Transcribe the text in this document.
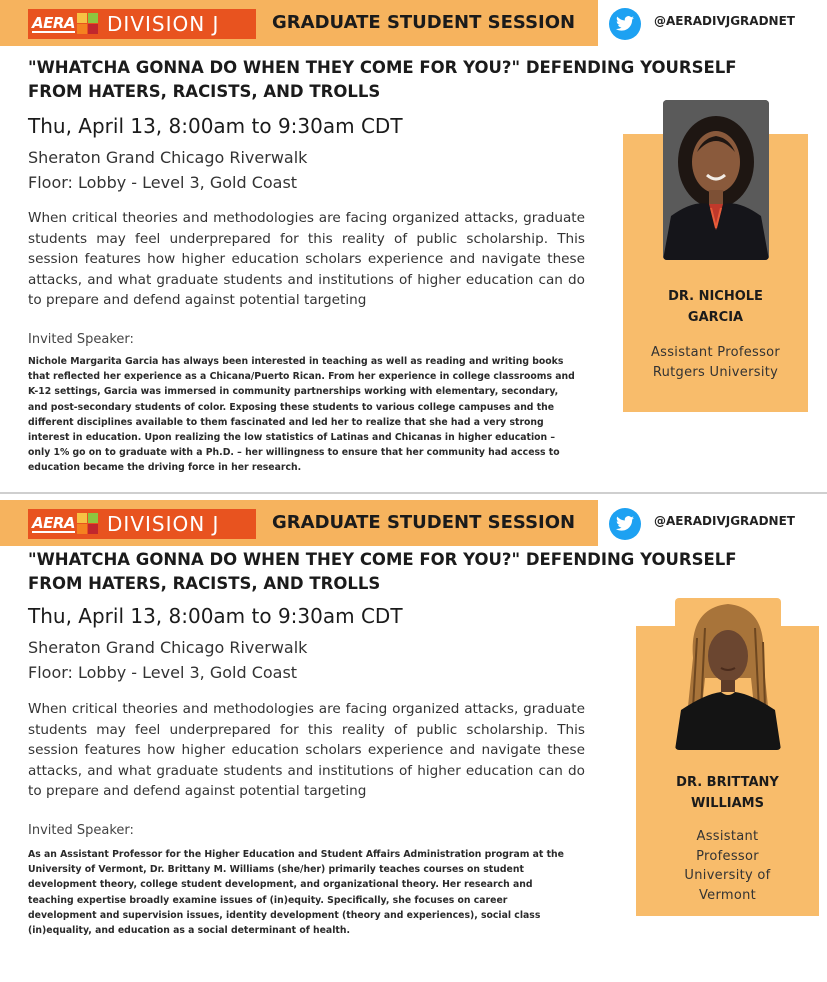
AERA DIVISION J	GRADUATE STUDENT SESSION	@AERADIVJGRADNET
"WHATCHA GONNA DO WHEN THEY COME FOR YOU?" DEFENDING YOURSELF
FROM HATERS, RACISTS, AND TROLLS
Thu, April 13, 8:00am to 9:30am CDT
Sheraton Grand Chicago Riverwalk
Floor: Lobby - Level 3, Gold Coast
When critical theories and methodologies are facing organized attacks, graduate students may feel underprepared for this reality of public scholarship. This session features how higher education scholars experience and navigate these attacks, and what graduate students and institutions of higher education can do to prepare and defend against potential targeting
Invited Speaker:
Nichole Margarita Garcia has always been interested in teaching as well as reading and writing books that reflected her experience as a Chicana/Puerto Rican. From her experience in college classrooms and K-12 settings, Garcia was immersed in community partnerships working with elementary, secondary, and post-secondary students of color. Exposing these students to various college campuses and the different disciplines available to them fascinated and led her to realize that she had a very strong interest in education. Upon realizing the low statistics of Latinas and Chicanas in higher education – only 1% go on to graduate with a Ph.D. – her willingness to ensure that her community had access to education became the driving force in her research.
DR. NICHOLE
GARCIA
Assistant Professor
Rutgers University
AERA DIVISION J	GRADUATE STUDENT SESSION	@AERADIVJGRADNET
"WHATCHA GONNA DO WHEN THEY COME FOR YOU?" DEFENDING YOURSELF
FROM HATERS, RACISTS, AND TROLLS
Thu, April 13, 8:00am to 9:30am CDT
Sheraton Grand Chicago Riverwalk
Floor: Lobby - Level 3, Gold Coast
When critical theories and methodologies are facing organized attacks, graduate students may feel underprepared for this reality of public scholarship. This session features how higher education scholars experience and navigate these attacks, and what graduate students and institutions of higher education can do to prepare and defend against potential targeting
Invited Speaker:
As an Assistant Professor for the Higher Education and Student Affairs Administration program at the University of Vermont, Dr. Brittany M. Williams (she/her) primarily teaches courses on student development theory, college student development, and organizational theory. Her research and teaching expertise broadly examine issues of (in)equity. Specifically, she focuses on career development and supervision issues, identity development (theory and experiences), social class (in)equality, and education as a social determinant of health.
DR. BRITTANY
WILLIAMS
Assistant
Professor
University of
Vermont
